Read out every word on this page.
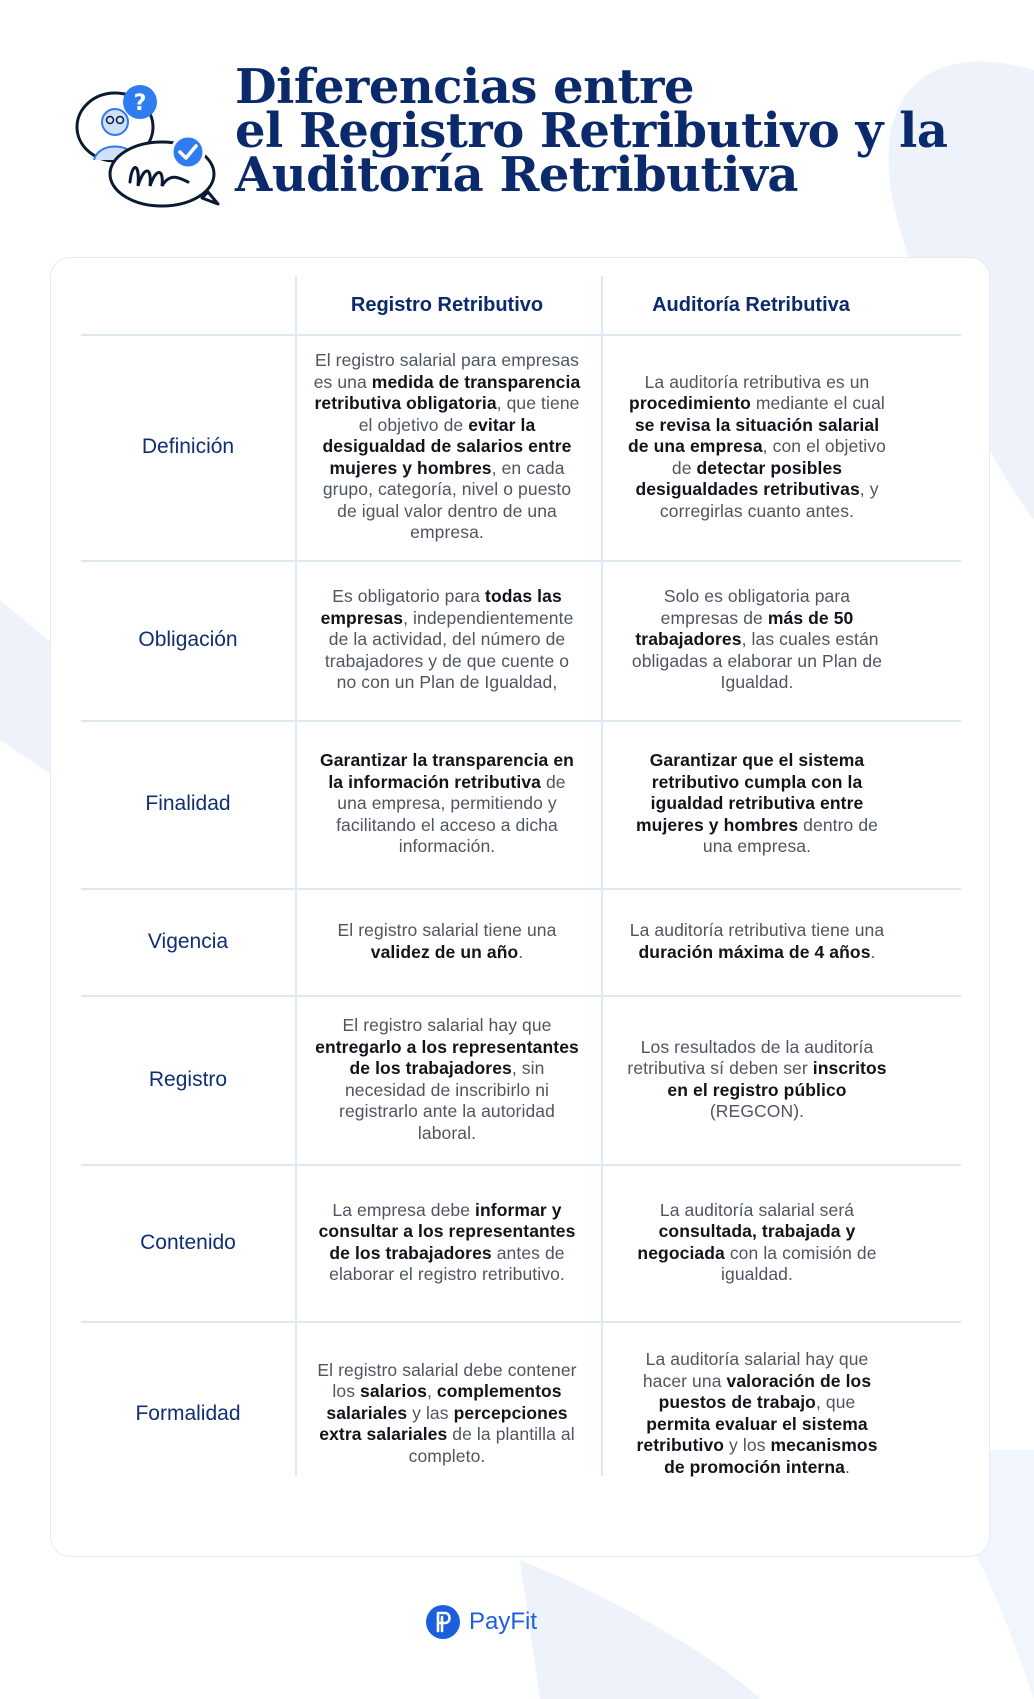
? Diferencias entre
el Registro Retributivo y la
Auditoría Retributiva
Registro Retributivo	Auditoría Retributiva
Definición
El registro salarial para empresas es una medida de transparencia retributiva obligatoria, que tiene el objetivo de evitar la desigualdad de salarios entre mujeres y hombres, en cada grupo, categoría, nivel o puesto de igual valor dentro de una empresa.
La auditoría retributiva es un procedimiento mediante el cual se revisa la situación salarial de una empresa, con el objetivo de detectar posibles desigualdades retributivas, y corregirlas cuanto antes.
Obligación
Es obligatorio para todas las empresas, independientemente de la actividad, del número de trabajadores y de que cuente o no con un Plan de Igualdad,
Solo es obligatoria para empresas de más de 50 trabajadores, las cuales están obligadas a elaborar un Plan de Igualdad.
Finalidad
Garantizar la transparencia en la información retributiva de una empresa, permitiendo y facilitando el acceso a dicha información.
Garantizar que el sistema retributivo cumpla con la igualdad retributiva entre mujeres y hombres dentro de una empresa.
Vigencia	El registro salarial tiene una validez de un año.
La auditoría retributiva tiene una duración máxima de 4 años.
Registro
El registro salarial hay que entregarlo a los representantes de los trabajadores, sin necesidad de inscribirlo ni registrarlo ante la autoridad laboral.
Los resultados de la auditoría retributiva sí deben ser inscritos en el registro público (REGCON).
Contenido
La empresa debe informar y consultar a los representantes de los trabajadores antes de elaborar el registro retributivo.
La auditoría salarial será consultada, trabajada y negociada con la comisión de igualdad.
Formalidad
El registro salarial debe contener los salarios, complementos salariales y las percepciones extra salariales de la plantilla al completo.
La auditoría salarial hay que hacer una valoración de los puestos de trabajo, que permita evaluar el sistema retributivo y los mecanismos de promoción interna.
PayFit
